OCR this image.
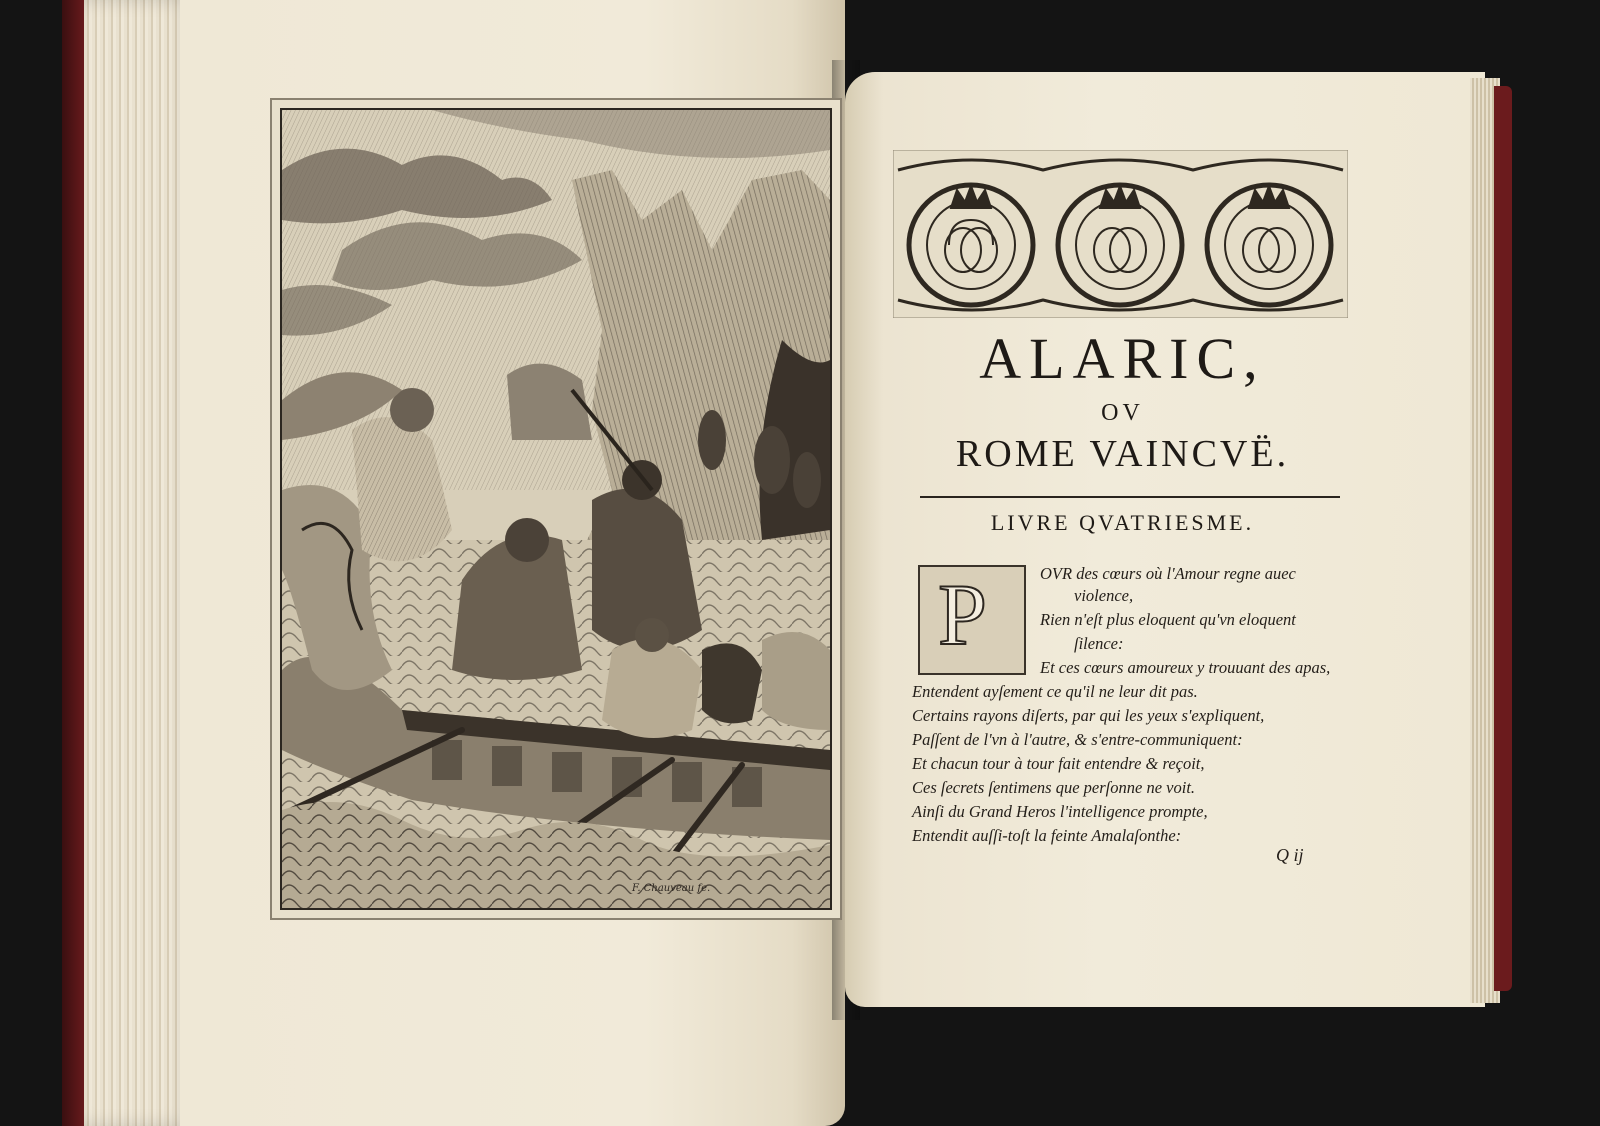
F. Chauveau fe.
ALARIC,
OV
ROME VAINCVË.
LIVRE QVATRIESME.
P	OVR des cœurs où l'Amour regne auec
violence,
Rien n'eſt plus eloquent qu'vn eloquent
ſilence:
Et ces cœurs amoureux y trouuant des apas,
Entendent ayſement ce qu'il ne leur dit pas.
Certains rayons diſerts, par qui les yeux s'expliquent,
Paſſent de l'vn à l'autre, & s'entre-communiquent:
Et chacun tour à tour fait entendre & reçoit,
Ces ſecrets ſentimens que perſonne ne voit.
Ainſi du Grand Heros l'intelligence prompte,
Entendit auſſi-toſt la feinte Amalaſonthe:
Q ij
